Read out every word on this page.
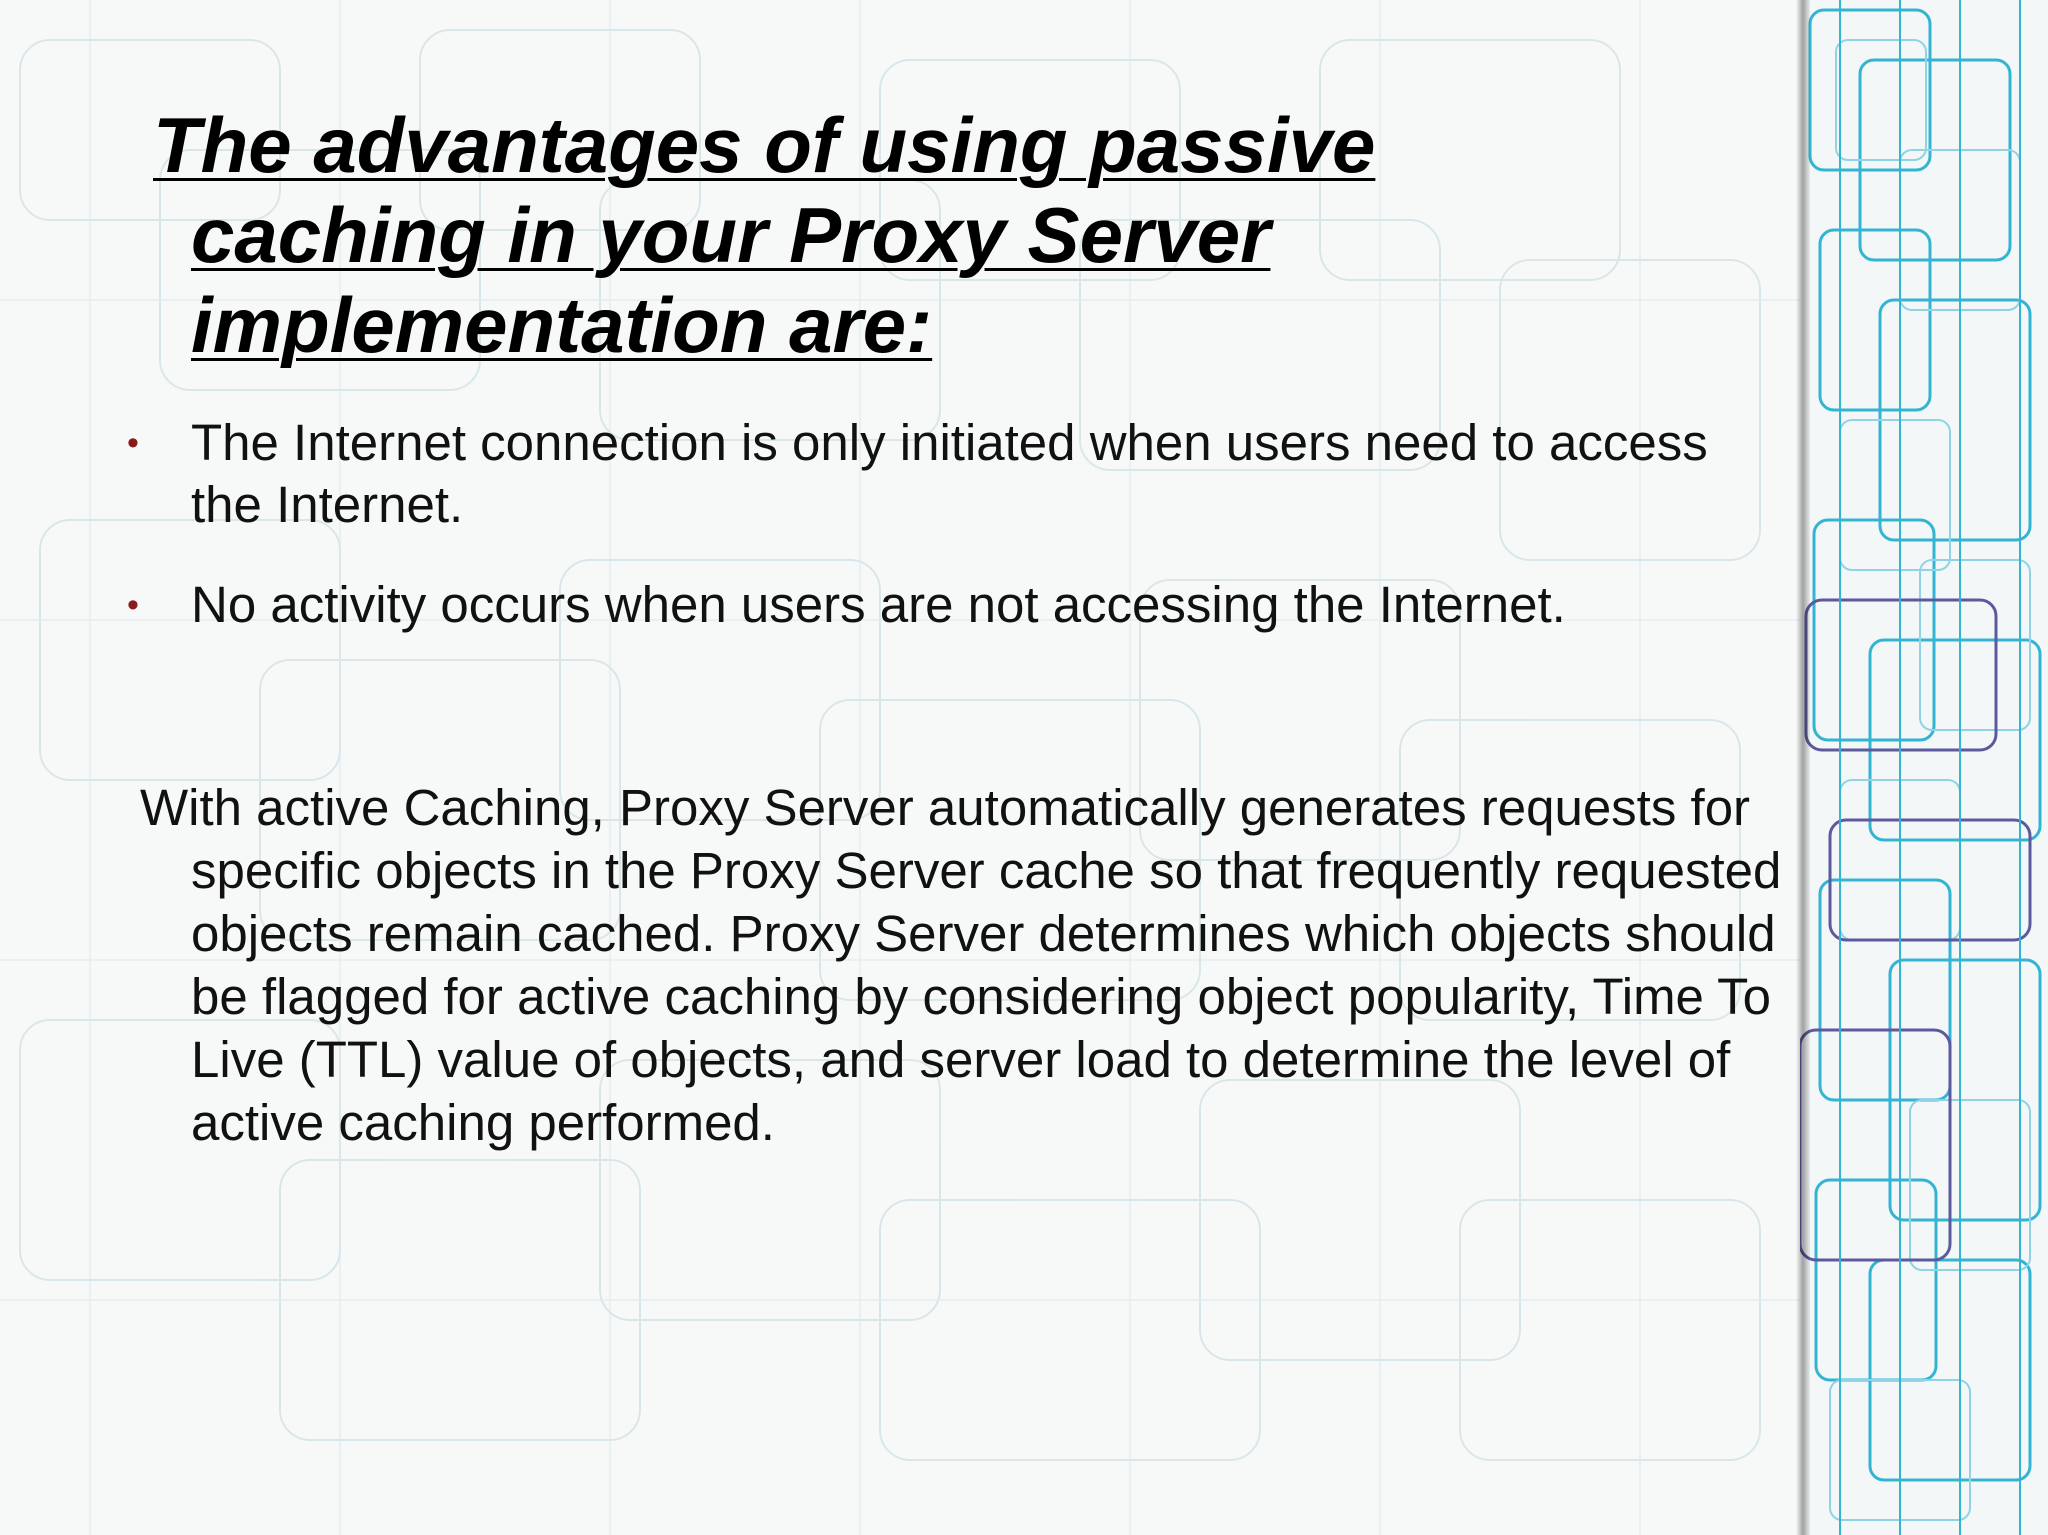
The advantages of using passive
caching in your Proxy Server
implementation are:
• The Internet connection is only initiated when users need to access the Internet.
• No activity occurs when users are not accessing the Internet.

With active Caching, Proxy Server automatically generates requests for specific objects in the Proxy Server cache so that frequently requested objects remain cached. Proxy Server determines which objects should be flagged for active caching by considering object popularity, Time To Live (TTL) value of objects, and server load to determine the level of active caching performed.
